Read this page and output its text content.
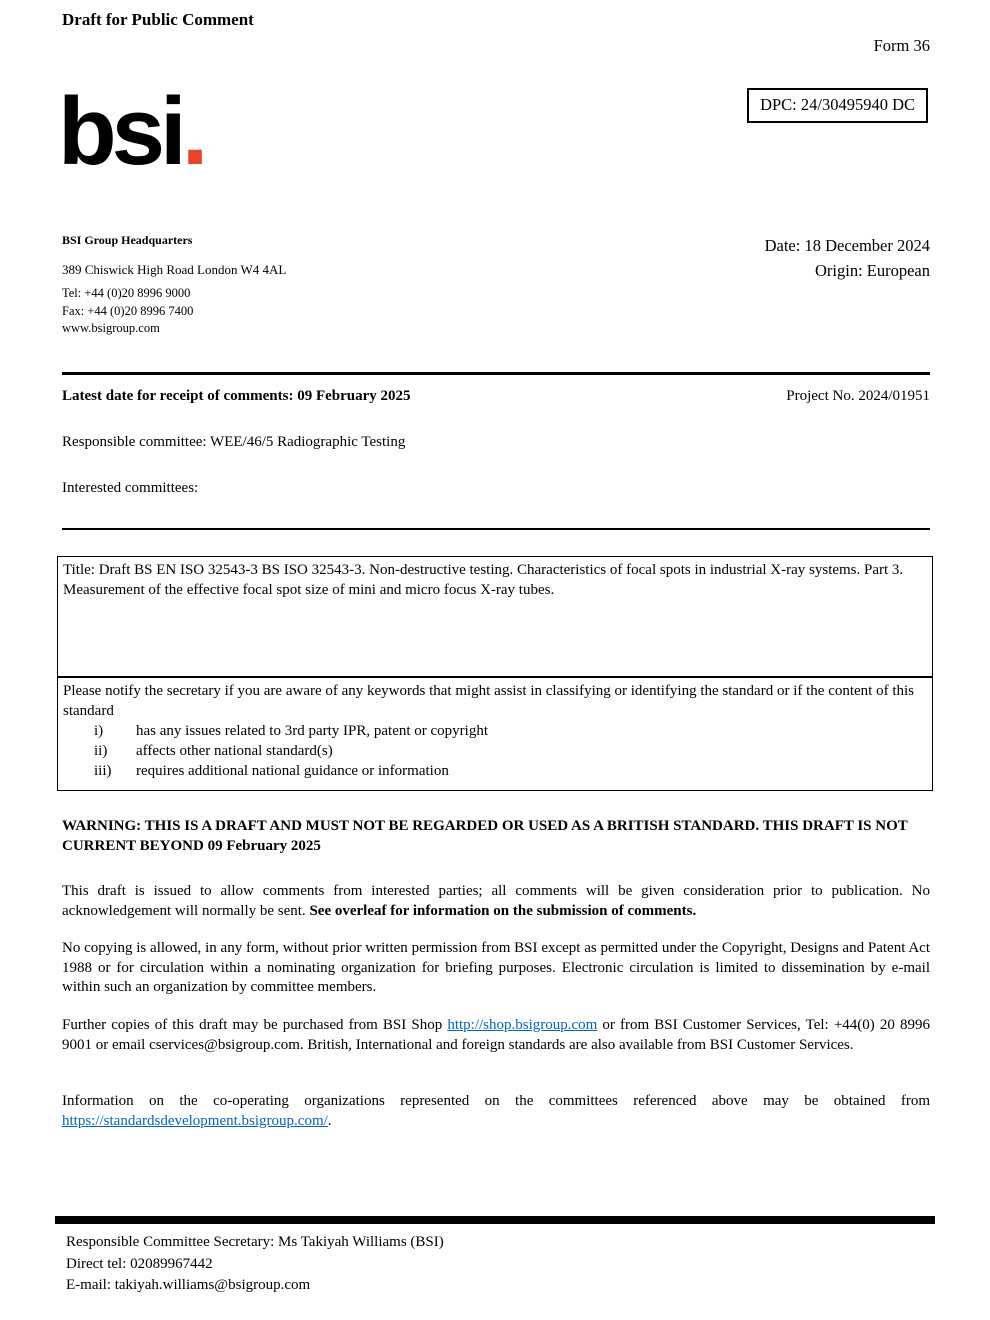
Draft for Public Comment
Form 36
DPC: 24/30495940 DC
bsi.
BSI Group Headquarters
389 Chiswick High Road London W4 4AL
Tel: +44 (0)20 8996 9000
Fax: +44 (0)20 8996 7400
www.bsigroup.com
Date: 18 December 2024
Origin: European
Latest date for receipt of comments: 09 February 2025	Project No. 2024/01951
Responsible committee: WEE/46/5 Radiographic Testing
Interested committees:
Title: Draft BS EN ISO 32543-3 BS ISO 32543-3. Non-destructive testing. Characteristics of focal spots in industrial X-ray systems. Part 3. Measurement of the effective focal spot size of mini and micro focus X-ray tubes.
Please notify the secretary if you are aware of any keywords that might assist in classifying or identifying the standard or if the content of this standard
i)	has any issues related to 3rd party IPR, patent or copyright
ii)	affects other national standard(s)
iii)	requires additional national guidance or information
WARNING: THIS IS A DRAFT AND MUST NOT BE REGARDED OR USED AS A BRITISH STANDARD. THIS DRAFT IS NOT CURRENT BEYOND 09 February 2025

This draft is issued to allow comments from interested parties; all comments will be given consideration prior to publication. No acknowledgement will normally be sent. See overleaf for information on the submission of comments.

No copying is allowed, in any form, without prior written permission from BSI except as permitted under the Copyright, Designs and Patent Act 1988 or for circulation within a nominating organization for briefing purposes. Electronic circulation is limited to dissemination by e-mail within such an organization by committee members.

Further copies of this draft may be purchased from BSI Shop http://shop.bsigroup.com or from BSI Customer Services, Tel: +44(0) 20 8996 9001 or email cservices@bsigroup.com. British, International and foreign standards are also available from BSI Customer Services.

Information on the co-operating organizations represented on the committees referenced above may be obtained from https://standardsdevelopment.bsigroup.com/.

Responsible Committee Secretary: Ms Takiyah Williams (BSI)
Direct tel: 02089967442
E-mail: takiyah.williams@bsigroup.com
